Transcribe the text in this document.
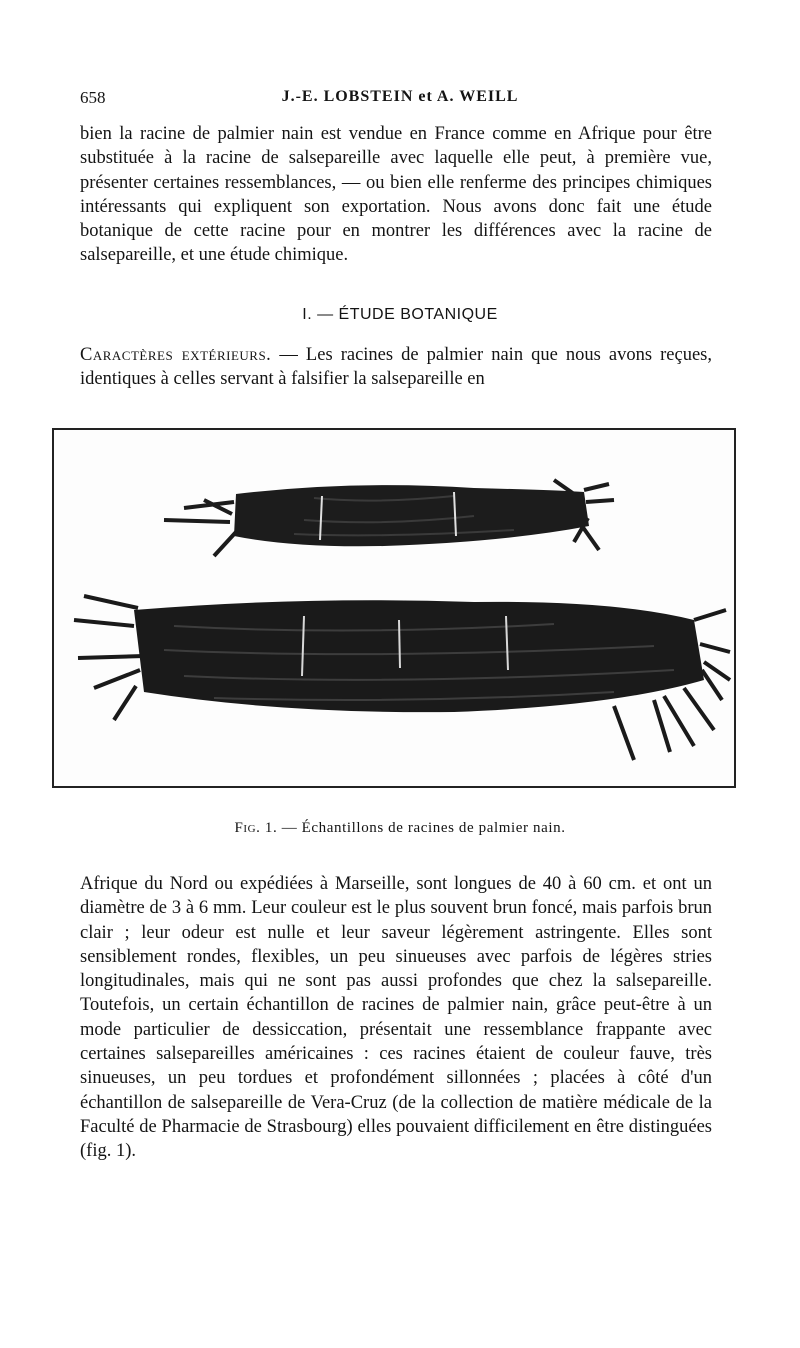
658	J.-E. LOBSTEIN et A. WEILL

bien la racine de palmier nain est vendue en France comme en Afrique pour être substituée à la racine de salsepareille avec laquelle elle peut, à première vue, présenter certaines ressemblances, — ou bien elle renferme des principes chimiques intéressants qui expliquent son exportation. Nous avons donc fait une étude botanique de cette racine pour en montrer les différences avec la racine de salsepareille, et une étude chimique.

I. — ÉTUDE BOTANIQUE

Caractères extérieurs. — Les racines de palmier nain que nous avons reçues, identiques à celles servant à falsifier la salsepareille en

Fig. 1. — Échantillons de racines de palmier nain.

Afrique du Nord ou expédiées à Marseille, sont longues de 40 à 60 cm. et ont un diamètre de 3 à 6 mm. Leur couleur est le plus souvent brun foncé, mais parfois brun clair ; leur odeur est nulle et leur saveur légèrement astringente. Elles sont sensiblement rondes, flexibles, un peu sinueuses avec parfois de légères stries longitudinales, mais qui ne sont pas aussi profondes que chez la salsepareille. Toutefois, un certain échantillon de racines de palmier nain, grâce peut-être à un mode particulier de dessiccation, présentait une ressemblance frappante avec certaines salsepareilles américaines : ces racines étaient de couleur fauve, très sinueuses, un peu tordues et profondément sillonnées ; placées à côté d'un échantillon de salsepareille de Vera-Cruz (de la collection de matière médicale de la Faculté de Pharmacie de Strasbourg) elles pouvaient difficilement en être distinguées (fig. 1).
